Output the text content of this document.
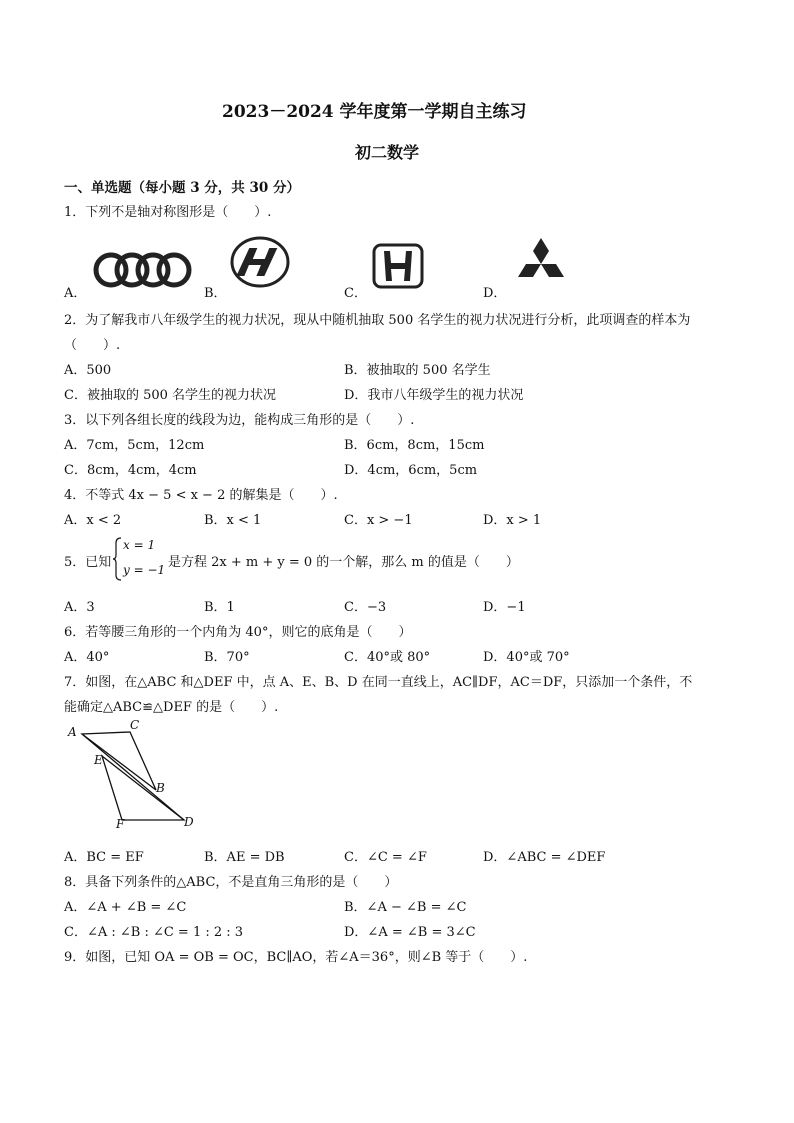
2023－2024 学年度第一学期自主练习
初二数学
一、单选题（每小题 3 分，共 30 分）
1．下列不是轴对称图形是（　　）.
A．	B．	C．	D．
2．为了解我市八年级学生的视力状况，现从中随机抽取 500 名学生的视力状况进行分析，此项调查的样本为
（　　）.
A．500	B．被抽取的 500 名学生
C．被抽取的 500 名学生的视力状况	D．我市八年级学生的视力状况
3．以下列各组长度的线段为边，能构成三角形的是（　　）.
A．7cm，5cm，12cm	B．6cm，8cm，15cm
C．8cm，4cm，4cm	D．4cm，6cm，5cm
4．不等式 4x − 5 < x − 2 的解集是（　　）.
A．x < 2	B．x < 1	C．x > −1	D．x > 1
5．已知
x = 1
y = −1 是方程 2x + m + y = 0 的一个解，那么 m 的值是（　　）
A．3	B．1	C．−3	D．−1
6．若等腰三角形的一个内角为 40°，则它的底角是（　　）
A．40°	B．70°	C．40°或 80°	D．40°或 70°
7．如图，在△ABC 和△DEF 中，点 A、E、B、D 在同一直线上，AC∥DF，AC＝DF，只添加一个条件，不
能确定△ABC≌△DEF 的是（　　）.
A	C
E
B
F	D
A．BC = EF	B．AE = DB	C．∠C = ∠F	D．∠ABC = ∠DEF
8．具备下列条件的△ABC，不是直角三角形的是（　　）
A．∠A + ∠B = ∠C	B．∠A − ∠B = ∠C
C．∠A : ∠B : ∠C = 1 : 2 : 3	D．∠A = ∠B = 3∠C
9．如图，已知 OA = OB = OC，BC∥AO，若∠A＝36°，则∠B 等于（　　）.
